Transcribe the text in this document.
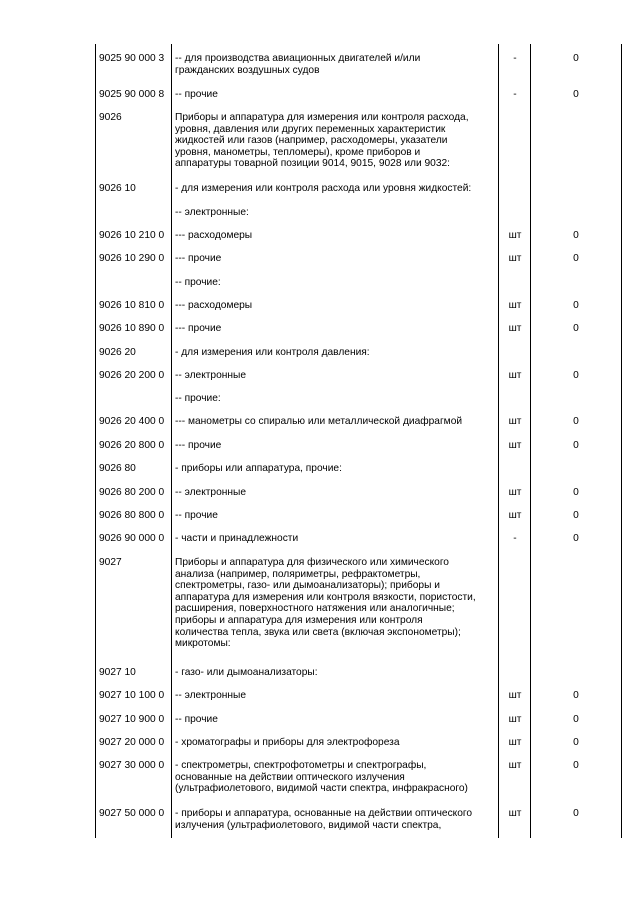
9025 90 000 3	-- для производства авиационных двигателей и/или
гражданских воздушных судов
-	0
9025 90 000 8	-- прочие	-	0
9026	Приборы и аппаратура для измерения или контроля расхода,
уровня, давления или других переменных характеристик
жидкостей или газов (например, расходомеры, указатели
уровня, манометры, тепломеры), кроме приборов и
аппаратуры товарной позиции 9014, 9015, 9028 или 9032:
9026 10	- для измерения или контроля расхода или уровня жидкостей:
-- электронные:
9026 10 210 0	--- расходомеры	шт	0
9026 10 290 0	--- прочие	шт	0
-- прочие:
9026 10 810 0	--- расходомеры	шт	0
9026 10 890 0	--- прочие	шт	0
9026 20	- для измерения или контроля давления:
9026 20 200 0	-- электронные	шт	0
-- прочие:
9026 20 400 0	--- манометры со спиралью или металлической диафрагмой	шт	0
9026 20 800 0	--- прочие	шт	0
9026 80	- приборы или аппаратура, прочие:
9026 80 200 0	-- электронные	шт	0
9026 80 800 0	-- прочие	шт	0
9026 90 000 0	- части и принадлежности	-	0
9027	Приборы и аппаратура для физического или химического
анализа (например, поляриметры, рефрактометры,
спектрометры, газо- или дымоанализаторы); приборы и
аппаратура для измерения или контроля вязкости, пористости,
расширения, поверхностного натяжения или аналогичные;
приборы и аппаратура для измерения или контроля
количества тепла, звука или света (включая экспонометры);
микротомы:
9027 10	- газо- или дымоанализаторы:
9027 10 100 0	-- электронные	шт	0
9027 10 900 0	-- прочие	шт	0
9027 20 000 0	- хроматографы и приборы для электрофореза	шт	0
9027 30 000 0	- спектрометры, спектрофотометры и спектрографы,
основанные на действии оптического излучения
(ультрафиолетового, видимой части спектра, инфракрасного)
шт	0
9027 50 000 0	- приборы и аппаратура, основанные на действии оптического
излучения (ультрафиолетового, видимой части спектра,
шт	0
